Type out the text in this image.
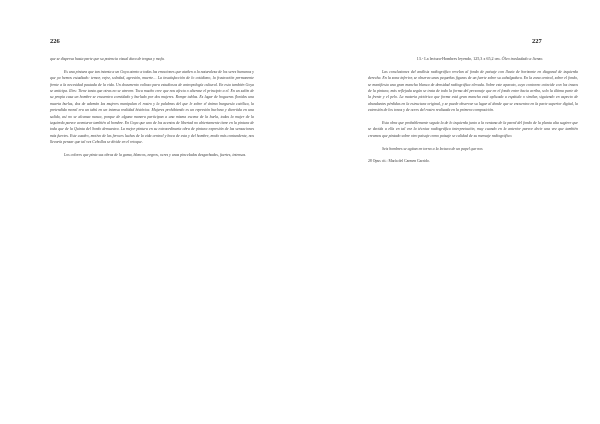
226

que se dispersa hasta parte que su potencia visual dura de tregua y mofa.

Es una pintura que tan intenta a un Goya atento a todas las emociones que atañen a la naturaleza de los seres humanos y que ya hemos estudiado: temor, vejez, soledad, agresión, muerte… La insatisfacción de lo cotidiano, la frustración permanente frente a la necesidad pautada de la vida. Un documento valioso para estudiosos de antropología cultural. En esta también Goya se anticipa. Ilies: Tiene tanta que otras no se atreven. Toca mucho cree que nos afecta o alterase el principio a el. En un salón de su propia casa un hombre se encuentra convidado y burlado por dos mujeres. Rompe tablas. Es lugar de hogueras floridas una muerta burlas, dos de ademán las mujeres manipulan el rostro y la palabras del que le sobre el ánimo burguesía católica, la pretendida moral era un tabú en un intensa realidad histórica. Mujeres prohibiendo es un represión burlona y divertida en una salida, así no se alcanza nunca, porque de alguna manera participan a una misma escena de la burla, todas la mujer de la izquierda parece aventurar también al hombre. En Goya que uno de los acentos de libertad no abiertamente tiene en la pintura de toda que de la Quinta del Sordo demuestra. La mejor pintura en su extraordinaria obra de pintura expresión de las sensaciones más fuertes. Este cuadro, motivo de las feroces luchas de la vida central y boca de esta y del hombre, modo más contundente, nos llevaría pensar que tal vez Cebollas se divide en el retoque.

Los colores que pinta sus obras de la gama, blancos, negros, ocres y unas pinceladas desgarbadas, fuertes, intensas.

227

13.- La lectura-Hombres leyendo, 125,3 x 65,2 cm. Óleo trasladado a lienzo.

Las conclusiones del análisis radiográfico revelan al fondo de paisaje con lluvia de horizonte en diagonal de izquierda derecha. En la zona inferior, se observa unas pequeñas figuras de un fuerte sobre su cabalgadura. En la zona central, sobre el fondo, se manifiesta una gran mancha blanca de densidad radiográfica elevada. Sobre este aparato, cuyo contorno coincide con los trazos de la pintura, más reflejada según se trata de todo la forma del personaje que en el fondo entre hacia arriba, solo la última parte de la frente y el pelo. La materia pictórica que forma está gran mancha está aplicada a espátula o similar, siguiendo en aspecto de abundantes pérdidas en la estructura original, y se puede observar su lugar al donde que se encuentra en la parte superior digital, la extensión de los tonos y de ocres del rostro realizada en la primera composición.

Esta obra que probablemente seguía la de lo izquierda junto a la ventana de la pared del fondo de la planta alta sugiere que se decida a ella en tal vez la técnica radiográfica interpretación, muy cuando en la anterior parece decir una vez que también creamos que pintado sobre otro paisaje como paisaje se calidad de su mensaje radiográfico.

Seis hombres se agitan en torno a la lectura de un papel que nos

28 Opus cit.: María del Carmen Garrido.
